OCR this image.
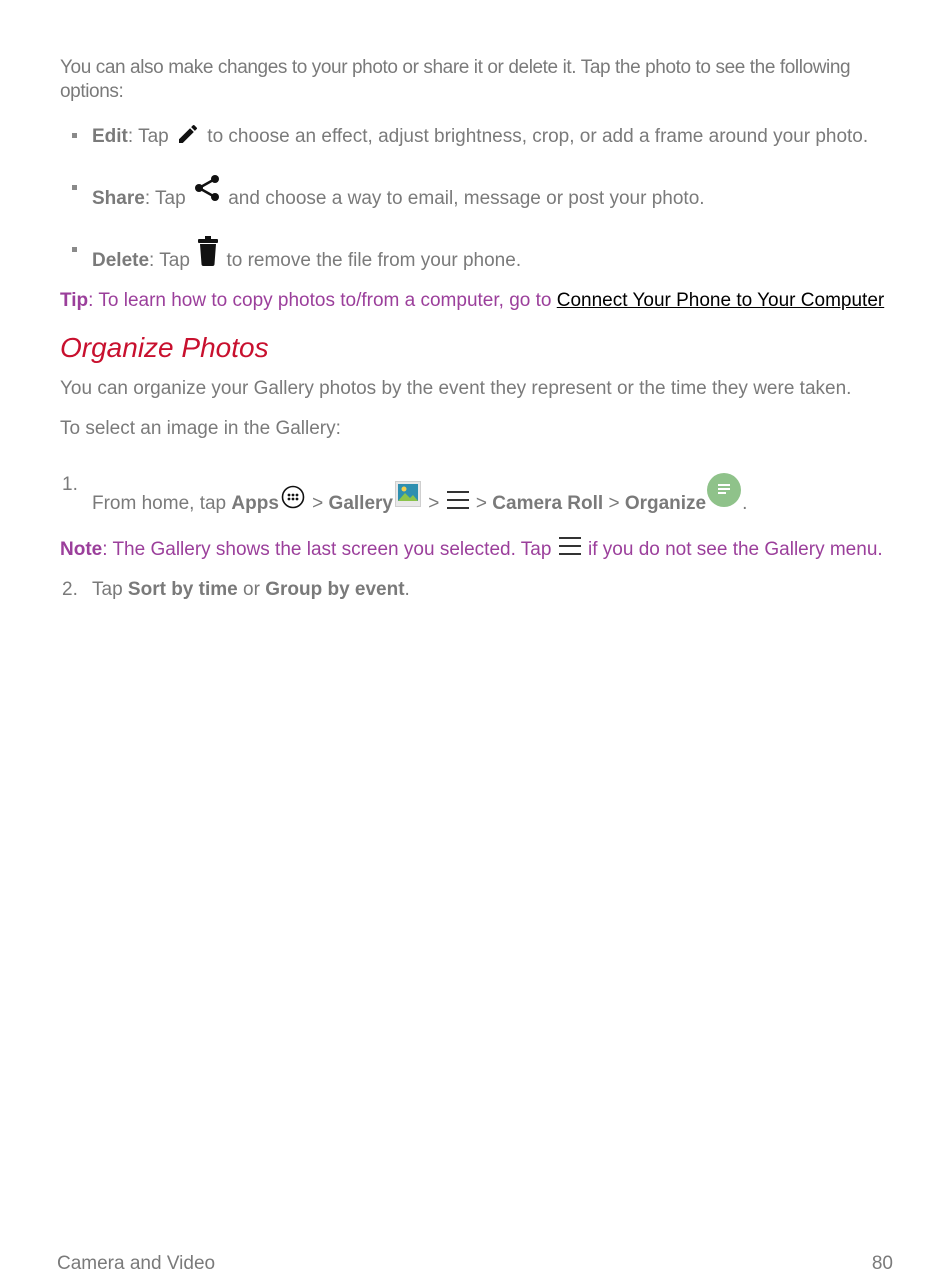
You can also make changes to your photo or share it or delete it. Tap the photo to see the following options:

Edit: Tap  to choose an effect, adjust brightness, crop, or add a frame around your photo.
Share: Tap  and choose a way to email, message or post your photo.
Delete: Tap  to remove the file from your phone.

Tip: To learn how to copy photos to/from a computer, go to Connect Your Phone to Your Computer

Organize Photos

You can organize your Gallery photos by the event they represent or the time they were taken.

To select an image in the Gallery:

1.
From home, tap Apps > Gallery >  > Camera Roll > Organize .

Note: The Gallery shows the last screen you selected. Tap  if you do not see the Gallery menu.

2. Tap Sort by time or Group by event.
Camera and Video	80
